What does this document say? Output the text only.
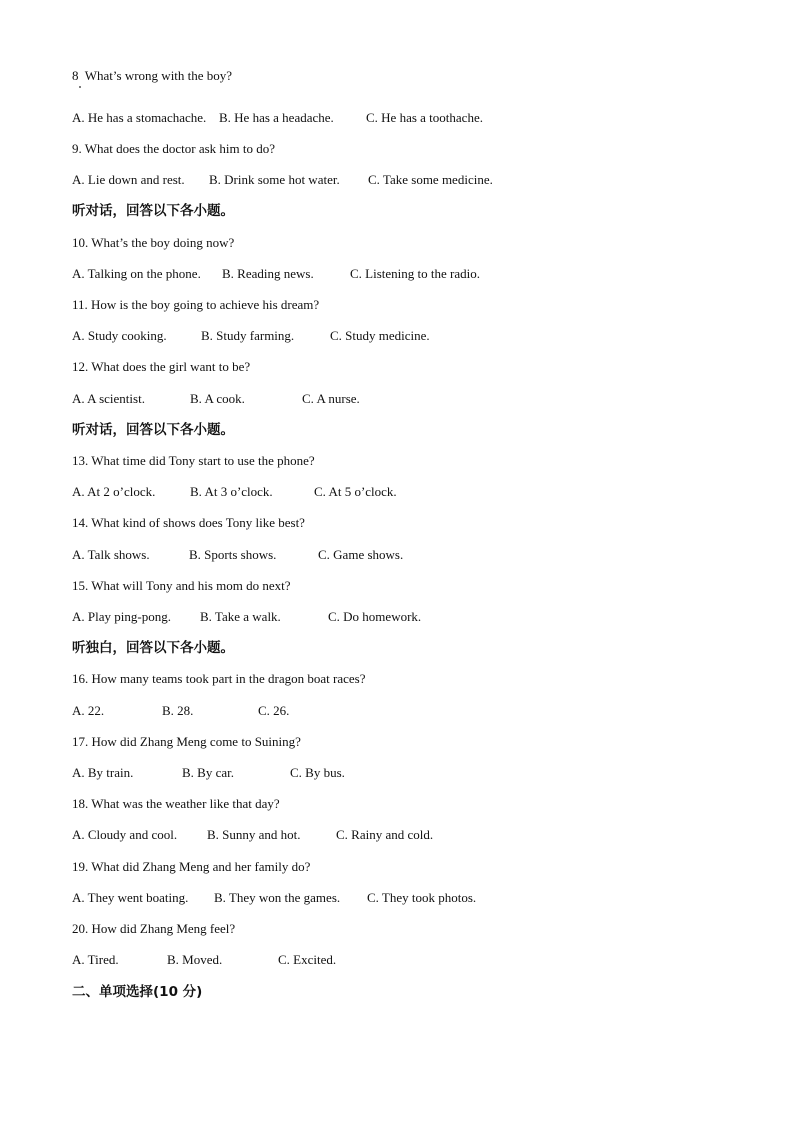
8  What’s wrong with the boy?
A. He has a stomachache. B. He has a headache. C. He has a toothache.
9. What does the doctor ask him to do?
A. Lie down and rest. B. Drink some hot water. C. Take some medicine.
听对话，回答以下各小题。
10. What’s the boy doing now?
A. Talking on the phone. B. Reading news.	C. Listening to the radio.
11. How is the boy going to achieve his dream?
A. Study cooking.	B. Study farming.	C. Study medicine.
12. What does the girl want to be?
A. A scientist.	B. A cook.	C. A nurse.
听对话，回答以下各小题。
13. What time did Tony start to use the phone?
A. At 2 o’clock.	B. At 3 o’clock.	C. At 5 o’clock.
14. What kind of shows does Tony like best?
A. Talk shows.	B. Sports shows.	C. Game shows.
15. What will Tony and his mom do next?
A. Play ping-pong. B. Take a walk.	C. Do homework.
听独白，回答以下各小题。
16. How many teams took part in the dragon boat races?
A. 22.	B. 28.	C. 26.
17. How did Zhang Meng come to Suining?
A. By train.	B. By car.	C. By bus.
18. What was the weather like that day?
A. Cloudy and cool. B. Sunny and hot.	C. Rainy and cold.
19. What did Zhang Meng and her family do?
A. They went boating. B. They won the games. C. They took photos.
20. How did Zhang Meng feel?
A. Tired.	B. Moved.	C. Excited.
二、单项选择(10 分)
